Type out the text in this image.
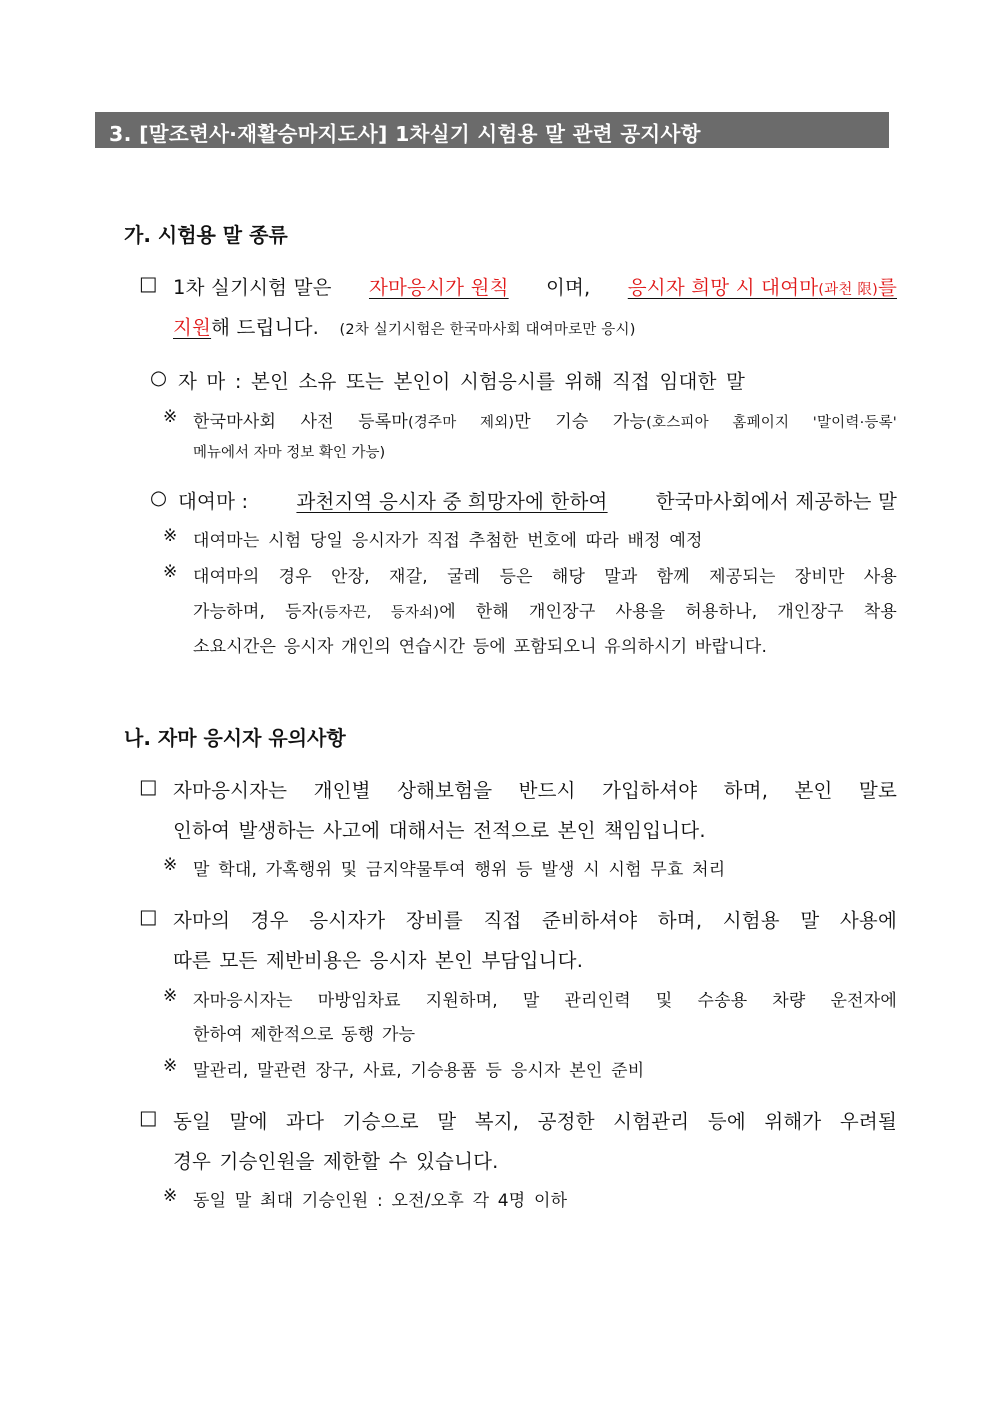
3. [말조련사·재활승마지도사] 1차실기 시험용 말 관련 공지사항
가. 시험용 말 종류
□ 1차 실기시험 말은 자마응시가 원칙 이며, 응시자 희망 시 대여마(과천 限)를
지원해 드립니다. (2차 실기시험은 한국마사회 대여마로만 응시)
○ 자 마 : 본인 소유 또는 본인이 시험응시를 위해 직접 임대한 말
※ 한국마사회 사전 등록마(경주마 제외)만 기승 가능(호스피아 홈페이지 '말이력·등록'
메뉴에서 자마 정보 확인 가능)
○ 대여마 : 과천지역 응시자 중 희망자에 한하여 한국마사회에서 제공하는 말
※ 대여마는 시험 당일 응시자가 직접 추첨한 번호에 따라 배정 예정
※ 대여마의 경우 안장, 재갈, 굴레 등은 해당 말과 함께 제공되는 장비만 사용
가능하며, 등자(등자끈, 등자쇠)에 한해 개인장구 사용을 허용하나, 개인장구 착용
소요시간은 응시자 개인의 연습시간 등에 포함되오니 유의하시기 바랍니다.
나. 자마 응시자 유의사항
□ 자마응시자는 개인별 상해보험을 반드시 가입하셔야 하며, 본인 말로
인하여 발생하는 사고에 대해서는 전적으로 본인 책임입니다.
※ 말 학대, 가혹행위 및 금지약물투여 행위 등 발생 시 시험 무효 처리
□ 자마의 경우 응시자가 장비를 직접 준비하셔야 하며, 시험용 말 사용에
따른 모든 제반비용은 응시자 본인 부담입니다.
※ 자마응시자는 마방임차료 지원하며, 말 관리인력 및 수송용 차량 운전자에
한하여 제한적으로 동행 가능
※ 말관리, 말관련 장구, 사료, 기승용품 등 응시자 본인 준비
□ 동일 말에 과다 기승으로 말 복지, 공정한 시험관리 등에 위해가 우려될
경우 기승인원을 제한할 수 있습니다.
※ 동일 말 최대 기승인원 : 오전/오후 각 4명 이하
